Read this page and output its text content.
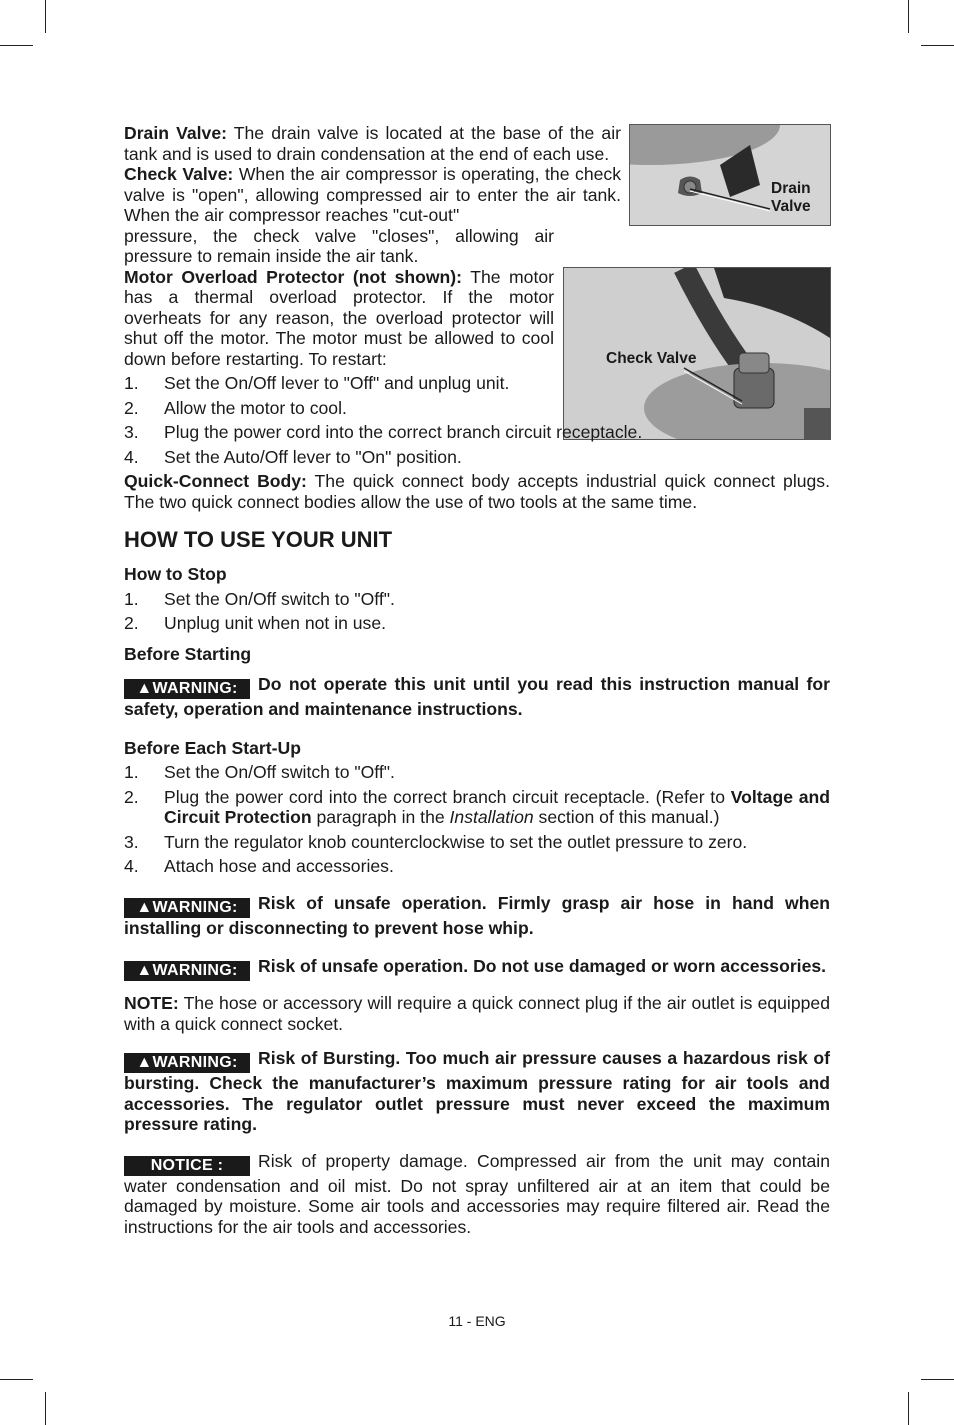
Drain
Valve
Check Valve

Drain Valve: The drain valve is located at the base of the air tank and is used to drain condensation at the end of each use.

Check Valve: When the air compressor is operating, the check valve is "open", allowing compressed air to enter the air tank. When the air compressor reaches "cut-out"

pressure, the check valve "closes", allowing air pressure to remain inside the air tank.

Motor Overload Protector (not shown): The motor has a thermal overload protector. If the motor overheats for any reason, the overload protector will shut off the motor. The motor must be allowed to cool down before restarting. To restart:

1. Set the On/Off lever to "Off" and unplug unit.
2. Allow the motor to cool.
3. Plug the power cord into the correct branch circuit receptacle.
4. Set the Auto/Off lever to "On" position.

Quick-Connect Body: The quick connect body accepts industrial quick connect plugs. The two quick connect bodies allow the use of two tools at the same time.

HOW TO USE YOUR UNIT
How to Stop
1. Set the On/Off switch to "Off".
2. Unplug unit when not in use.
Before Starting

▲WARNING: Do not operate this unit until you read this instruction manual for safety, operation and maintenance instructions.

Before Each Start-Up
1. Set the On/Off switch to "Off".
2. Plug the power cord into the correct branch circuit receptacle. (Refer to Voltage and Circuit Protection paragraph in the Installation section of this manual.)
3. Turn the regulator knob counterclockwise to set the outlet pressure to zero.
4. Attach hose and accessories.

▲WARNING: Risk of unsafe operation. Firmly grasp air hose in hand when installing or disconnecting to prevent hose whip.

▲WARNING: Risk of unsafe operation. Do not use damaged or worn accessories.

NOTE: The hose or accessory will require a quick connect plug if the air outlet is equipped with a quick connect socket.

▲WARNING: Risk of Bursting. Too much air pressure causes a hazardous risk of bursting. Check the manufacturer’s maximum pressure rating for air tools and accessories. The regulator outlet pressure must never exceed the maximum pressure rating.

NOTICE : Risk of property damage. Compressed air from the unit may contain water condensation and oil mist. Do not spray unfiltered air at an item that could be damaged by moisture. Some air tools and accessories may require filtered air. Read the instructions for the air tools and accessories.

11 - ENG
